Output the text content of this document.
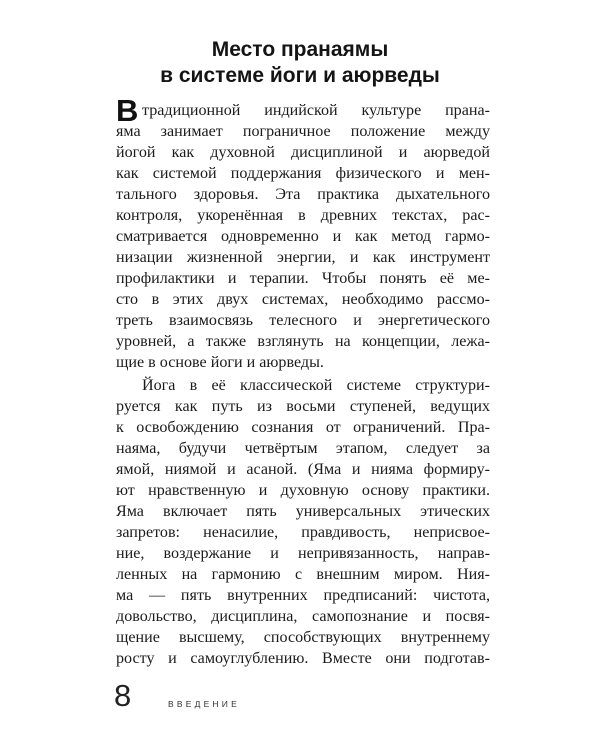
Место пранаямы
в системе йоги и аюрведы
В традиционной индийской культуре прана-
яма занимает пограничное положение между
йогой как духовной дисциплиной и аюрведой
как системой поддержания физического и мен-
тального здоровья. Эта практика дыхательного
контроля, укоренённая в древних текстах, рас-
сматривается одновременно и как метод гармо-
низации жизненной энергии, и как инструмент
профилактики и терапии. Чтобы понять её ме-
сто в этих двух системах, необходимо рассмо-
треть взаимосвязь телесного и энергетического
уровней, а также взглянуть на концепции, лежа-
щие в основе йоги и аюрведы.
Йога в её классической системе структури-
руется как путь из восьми ступеней, ведущих
к освобождению сознания от ограничений. Пра-
наяма, будучи четвёртым этапом, следует за
ямой, ниямой и асаной. (Яма и нияма формиру-
ют нравственную и духовную основу практики.
Яма включает пять универсальных этических
запретов: ненасилие, правдивость, неприсвое-
ние, воздержание и непривязанность, направ-
ленных на гармонию с внешним миром. Ния-
ма — пять внутренних предписаний: чистота,
довольство, дисциплина, самопознание и посвя-
щение высшему, способствующих внутреннему
росту и самоуглублению. Вместе они подготав-
8	ВВЕДЕНИЕ
